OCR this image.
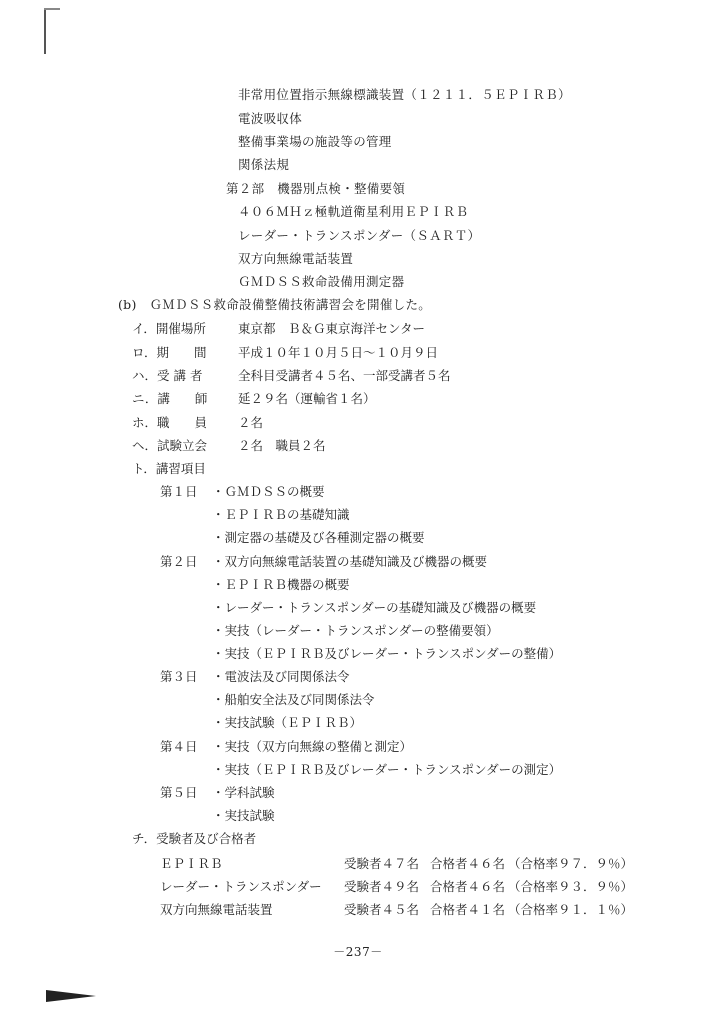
非常用位置指示無線標識装置（１２１１．５ＥＰＩＲＢ）
電波吸収体
整備事業場の施設等の管理
関係法規
第２部　機器別点検・整備要領
４０６ＭＨｚ極軌道衛星利用ＥＰＩＲＢ
レーダー・トランスポンダー（ＳＡＲＴ）
双方向無線電話装置
ＧＭＤＳＳ救命設備用測定器
(b)　ＧＭＤＳＳ救命設備整備技術講習会を開催した。
イ．開催場所	東京都　Ｂ＆Ｇ東京海洋センター
ロ．期　　間	平成１０年１０月５日～１０月９日
ハ．受 講 者	全科目受講者４５名、一部受講者５名
ニ．講　　師 延２９名（運輸省１名）
ホ．職　　員 ２名
ヘ．試験立会 ２名　職員２名
ト．講習項目
第１日 ・ＧＭＤＳＳの概要
・ＥＰＩＲＢの基礎知識
・測定器の基礎及び各種測定器の概要
第２日 ・双方向無線電話装置の基礎知識及び機器の概要
・ＥＰＩＲＢ機器の概要
・レーダー・トランスポンダーの基礎知識及び機器の概要
・実技（レーダー・トランスポンダーの整備要領）
・実技（ＥＰＩＲＢ及びレーダー・トランスポンダーの整備）
第３日 ・電波法及び同関係法令
・船舶安全法及び同関係法令
・実技試験（ＥＰＩＲＢ）
第４日 ・実技（双方向無線の整備と測定）
・実技（ＥＰＩＲＢ及びレーダー・トランスポンダーの測定）
第５日 ・学科試験
・実技試験
チ．受験者及び合格者
ＥＰＩＲＢ	受験者４７名 合格者４６名 （合格率９７．９％）
レーダー・トランスポンダー 受験者４９名 合格者４６名 （合格率９３．９％）
双方向無線電話装置	受験者４５名 合格者４１名 （合格率９１．１％）
－237－
